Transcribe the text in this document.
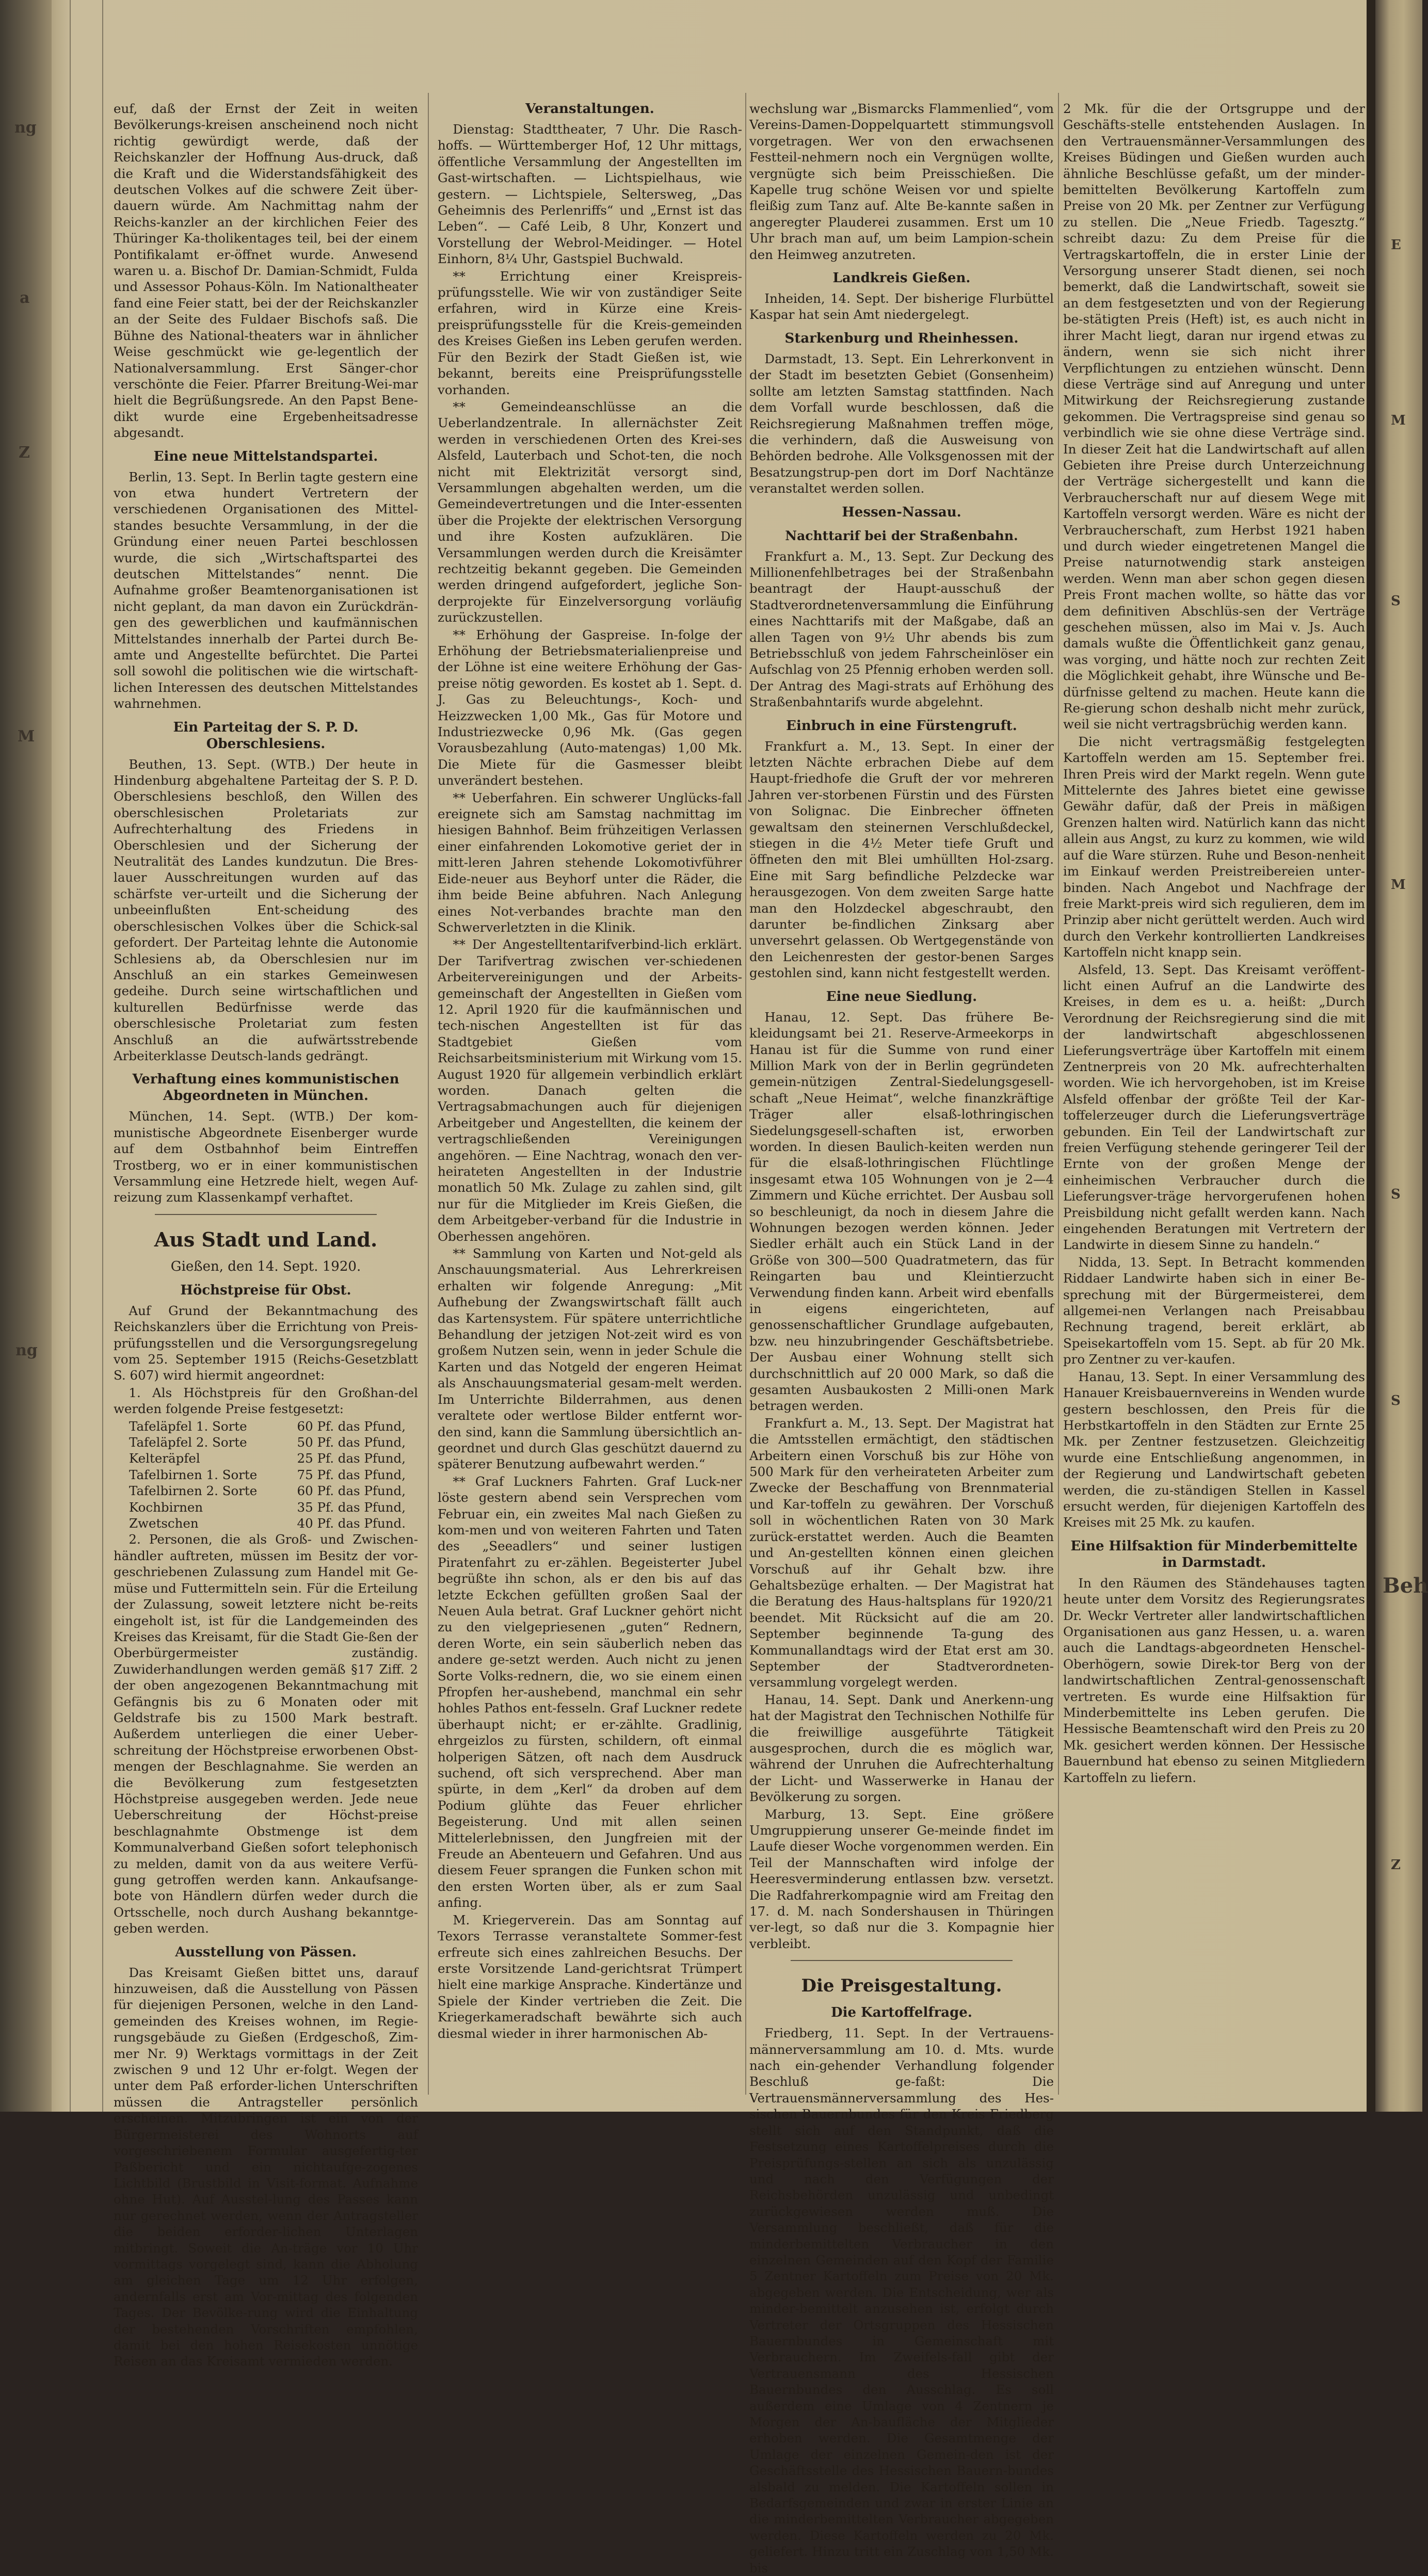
ng
a
Z
M
ng

euf, daß der Ernst der Zeit in weiten Bevölkerungs-kreisen anscheinend noch nicht richtig gewürdigt werde, daß der Reichskanzler der Hoffnung Aus-druck, daß die Kraft und die Widerstandsfähigkeit des deutschen Volkes auf die schwere Zeit über-dauern würde. Am Nachmittag nahm der Reichs-kanzler an der kirchlichen Feier des Thüringer Ka-tholikentages teil, bei der einem Pontifikalamt er-öffnet wurde. Anwesend waren u. a. Bischof Dr. Damian-Schmidt, Fulda und Assessor Pohaus-Köln. Im Nationaltheater fand eine Feier statt, bei der der Reichskanzler an der Seite des Fuldaer Bischofs saß. Die Bühne des National-theaters war in ähnlicher Weise geschmückt wie ge-legentlich der Nationalversammlung. Erst Sänger-chor verschönte die Feier. Pfarrer Breitung-Wei-mar hielt die Begrüßungsrede. An den Papst Bene-dikt wurde eine Ergebenheitsadresse abgesandt.

Eine neue Mittelstandspartei.

Berlin, 13. Sept. In Berlin tagte gestern eine von etwa hundert Vertretern der verschiedenen Organisationen des Mittel-standes besuchte Versammlung, in der die Gründung einer neuen Partei beschlossen wurde, die sich „Wirtschaftspartei des deutschen Mittelstandes“ nennt. Die Aufnahme großer Beamtenorganisationen ist nicht geplant, da man davon ein Zurückdrän-gen des gewerblichen und kaufmännischen Mittelstandes innerhalb der Partei durch Be-amte und Angestellte befürchtet. Die Partei soll sowohl die politischen wie die wirtschaft-lichen Interessen des deutschen Mittelstandes wahrnehmen.

Ein Parteitag der S. P. D. Oberschlesiens.

Beuthen, 13. Sept. (WTB.) Der heute in Hindenburg abgehaltene Parteitag der S. P. D. Oberschlesiens beschloß, den Willen des oberschlesischen Proletariats zur Aufrechterhaltung des Friedens in Oberschlesien und der Sicherung der Neutralität des Landes kundzutun. Die Bres-lauer Ausschreitungen wurden auf das schärfste ver-urteilt und die Sicherung der unbeeinflußten Ent-scheidung des oberschlesischen Volkes über die Schick-sal gefordert. Der Parteitag lehnte die Autonomie Schlesiens ab, da Oberschlesien nur im Anschluß an ein starkes Gemeinwesen gedeihe. Durch seine wirtschaftlichen und kulturellen Bedürfnisse werde das oberschlesische Proletariat zum festen Anschluß an die aufwärtsstrebende Arbeiterklasse Deutsch-lands gedrängt.

Verhaftung eines kommunistischen Abgeordneten in München.

München, 14. Sept. (WTB.) Der kom-munistische Abgeordnete Eisenberger wurde auf dem Ostbahnhof beim Eintreffen Trostberg, wo er in einer kommunistischen Versammlung eine Hetzrede hielt, wegen Auf-reizung zum Klassenkampf verhaftet.

Aus Stadt und Land.
Gießen, den 14. Sept. 1920.
Höchstpreise für Obst.

Auf Grund der Bekanntmachung des Reichskanzlers über die Errichtung von Preis-prüfungsstellen und die Versorgungsregelung vom 25. September 1915 (Reichs-Gesetzblatt S. 607) wird hiermit angeordnet:

1. Als Höchstpreis für den Großhan-del werden folgende Preise festgesetzt:

Tafeläpfel 1. Sorte	60 Pf. das Pfund,
Tafeläpfel 2. Sorte	50 Pf. das Pfund,
Kelteräpfel	25 Pf. das Pfund,
Tafelbirnen 1. Sorte	75 Pf. das Pfund,
Tafelbirnen 2. Sorte	60 Pf. das Pfund,
Kochbirnen	35 Pf. das Pfund,
Zwetschen	40 Pf. das Pfund.

2. Personen, die als Groß- und Zwischen-händler auftreten, müssen im Besitz der vor-geschriebenen Zulassung zum Handel mit Ge-müse und Futtermitteln sein. Für die Erteilung der Zulassung, soweit letztere nicht be-reits eingeholt ist, ist für die Landgemeinden des Kreises das Kreisamt, für die Stadt Gie-ßen der Oberbürgermeister zuständig. Zuwiderhandlungen werden gemäß §17 Ziff. 2 der oben angezogenen Bekanntmachung mit Gefängnis bis zu 6 Monaten oder mit Geldstrafe bis zu 1500 Mark bestraft. Außerdem unterliegen die einer Ueber-schreitung der Höchstpreise erworbenen Obst-mengen der Beschlagnahme. Sie werden an die Bevölkerung zum festgesetzten Höchstpreise ausgegeben werden. Jede neue Ueberschreitung der Höchst-preise beschlagnahmte Obstmenge ist dem Kommunalverband Gießen sofort telephonisch zu melden, damit von da aus weitere Verfü-gung getroffen werden kann. Ankaufsange-bote von Händlern dürfen weder durch die Ortsschelle, noch durch Aushang bekanntge-geben werden.

Ausstellung von Pässen.

Das Kreisamt Gießen bittet uns, darauf hinzuweisen, daß die Ausstellung von Pässen für diejenigen Personen, welche in den Land-gemeinden des Kreises wohnen, im Regie-rungsgebäude zu Gießen (Erdgeschoß, Zim-mer Nr. 9) Werktags vormittags in der Zeit zwischen 9 und 12 Uhr er-folgt. Wegen der unter dem Paß erforder-lichen Unterschriften müssen die Antragsteller persönlich erscheinen. Mitzubringen ist ein von der Bürgermeisterei des Wohnorts auf vorgeschriebenem Formular ausgefertig-ter Paßbericht und ein nichtaufge-zogenes Lichtbild (Brustbild in Visit-format. Aufnahme ohne Hut). Auf Ausstel-lung des Passes kann nur gerechnet werden, wenn der Antragsteller die beiden erforder-lichen Unterlagen mitbringt. Soweit die An-träge vor 10 Uhr vormittags vorgelegt sind, kann die Abholung am gleichen Tage um 12 Uhr erfolgen, andernfalls erst am Vor-mittag des folgenden Tages. Der Bevölke-rung wird die Einhaltung der bestehenden Vorschriften empfohlen, damit bei den hohen Reisekosten unnötige Reisen an das Kreisamt vermieden werden.

Veranstaltungen.

Dienstag: Stadttheater, 7 Uhr. Die Rasch-hoffs. — Württemberger Hof, 12 Uhr mittags, öffentliche Versammlung der Angestellten im Gast-wirtschaften. — Lichtspielhaus, wie gestern. — Lichtspiele, Seltersweg, „Das Geheimnis des Perlenriffs“ und „Ernst ist das Leben“. — Café Leib, 8 Uhr, Konzert und Vorstellung der Webrol-Meidinger. — Hotel Einhorn, 8¼ Uhr, Gastspiel Buchwald.

** Errichtung einer Kreispreis-prüfungsstelle. Wie wir von zuständiger Seite erfahren, wird in Kürze eine Kreis-preisprüfungsstelle für die Kreis-gemeinden des Kreises Gießen ins Leben gerufen werden. Für den Bezirk der Stadt Gießen ist, wie bekannt, bereits eine Preisprüfungsstelle vorhanden.

** Gemeindeanschlüsse an die Ueberlandzentrale. In allernächster Zeit werden in verschiedenen Orten des Krei-ses Alsfeld, Lauterbach und Schot-ten, die noch nicht mit Elektrizität versorgt sind, Versammlungen abgehalten werden, um die Gemeindevertretungen und die Inter-essenten über die Projekte der elektrischen Versorgung und ihre Kosten aufzuklären. Die Versammlungen werden durch die Kreisämter rechtzeitig bekannt gegeben. Die Gemeinden werden dringend aufgefordert, jegliche Son-derprojekte für Einzelversorgung vorläufig zurückzustellen.

** Erhöhung der Gaspreise. In-folge der Erhöhung der Betriebsmaterialienpreise und der Löhne ist eine weitere Erhöhung der Gas-preise nötig geworden. Es kostet ab 1. Sept. d. J. Gas zu Beleuchtungs-, Koch- und Heizzwecken 1,00 Mk., Gas für Motore und Industriezwecke 0,96 Mk. (Gas gegen Vorausbezahlung (Auto-matengas) 1,00 Mk. Die Miete für die Gasmesser bleibt unverändert bestehen.

** Ueberfahren. Ein schwerer Unglücks-fall ereignete sich am Samstag nachmittag im hiesigen Bahnhof. Beim frühzeitigen Verlassen einer einfahrenden Lokomotive geriet der in mitt-leren Jahren stehende Lokomotivführer Eide-neuer aus Beyhorf unter die Räder, die ihm beide Beine abfuhren. Nach Anlegung eines Not-verbandes brachte man den Schwerverletzten in die Klinik.

** Der Angestelltentarifverbind-lich erklärt. Der Tarifvertrag zwischen ver-schiedenen Arbeitervereinigungen und der Arbeits-gemeinschaft der Angestellten in Gießen vom 12. April 1920 für die kaufmännischen und tech-nischen Angestellten ist für das Stadtgebiet Gießen vom Reichsarbeitsministerium mit Wirkung vom 15. August 1920 für allgemein verbindlich erklärt worden. Danach gelten die Vertragsabmachungen auch für diejenigen Arbeitgeber und Angestellten, die keinem der vertragschließenden Vereinigungen angehören. — Eine Nachtrag, wonach den ver-heirateten Angestellten in der Industrie monatlich 50 Mk. Zulage zu zahlen sind, gilt nur für die Mitglieder im Kreis Gießen, die dem Arbeitgeber-verband für die Industrie in Oberhessen angehören.

** Sammlung von Karten und Not-geld als Anschauungsmaterial. Aus Lehrerkreisen erhalten wir folgende Anregung: „Mit Aufhebung der Zwangswirtschaft fällt auch das Kartensystem. Für spätere unterrichtliche Behandlung der jetzigen Not-zeit wird es von großem Nutzen sein, wenn in jeder Schule die Karten und das Notgeld der engeren Heimat als Anschauungsmaterial gesam-melt werden. Im Unterrichte Bilderrahmen, aus denen veraltete oder wertlose Bilder entfernt wor-den sind, kann die Sammlung übersichtlich an-geordnet und durch Glas geschützt dauernd zu späterer Benutzung aufbewahrt werden.“

** Graf Luckners Fahrten. Graf Luck-ner löste gestern abend sein Versprechen vom Februar ein, ein zweites Mal nach Gießen zu kom-men und von weiteren Fahrten und Taten des „Seeadlers“ und seiner lustigen Piratenfahrt zu er-zählen. Begeisterter Jubel begrüßte ihn schon, als er den bis auf das letzte Eckchen gefüllten großen Saal der Neuen Aula betrat. Graf Luckner gehört nicht zu den vielgepriesenen „guten“ Rednern, deren Worte, ein sein säuberlich neben das andere ge-setzt werden. Auch nicht zu jenen Sorte Volks-rednern, die, wo sie einem einen Pfropfen her-aushebend, manchmal ein sehr hohles Pathos ent-fesseln. Graf Luckner redete überhaupt nicht; er er-zählte. Gradlinig, ehrgeizlos zu fürsten, schildern, oft einmal holperigen Sätzen, oft nach dem Ausdruck suchend, oft sich versprechend. Aber man spürte, in dem „Kerl“ da droben auf dem Podium glühte das Feuer ehrlicher Begeisterung. Und mit allen seinen Mittelerlebnissen, den Jungfreien mit der Freude an Abenteuern und Gefahren. Und aus diesem Feuer sprangen die Funken schon mit den ersten Worten über, als er zum Saal anfing.

M. Kriegerverein. Das am Sonntag auf Texors Terrasse veranstaltete Sommer-fest erfreute sich eines zahlreichen Besuchs. Der erste Vorsitzende Land-gerichtsrat Trümpert hielt eine markige Ansprache. Kindertänze und Spiele der Kinder vertrieben die Zeit. Die Kriegerkameradschaft bewährte sich auch diesmal wieder in ihrer harmonischen Ab-

wechslung war „Bismarcks Flammenlied“, vom Vereins-Damen-Doppelquartett stimmungsvoll vorgetragen. Wer von den erwachsenen Festteil-nehmern noch ein Vergnügen wollte, vergnügte sich beim Preisschießen. Die Kapelle trug schöne Weisen vor und spielte fleißig zum Tanz auf. Alte Be-kannte saßen in angeregter Plauderei zusammen. Erst um 10 Uhr brach man auf, um beim Lampion-schein den Heimweg anzutreten.

Landkreis Gießen.

Inheiden, 14. Sept. Der bisherige Flurbüttel Kaspar hat sein Amt niedergelegt.

Starkenburg und Rheinhessen.

Darmstadt, 13. Sept. Ein Lehrerkonvent in der Stadt im besetzten Gebiet (Gonsenheim) sollte am letzten Samstag stattfinden. Nach dem Vorfall wurde beschlossen, daß die Reichsregierung Maßnahmen treffen möge, die verhindern, daß die Ausweisung von Behörden bedrohe. Alle Volksgenossen mit der Besatzungstrup-pen dort im Dorf Nachtänze veranstaltet werden sollen.

Hessen-Nassau.
Nachttarif bei der Straßenbahn.

Frankfurt a. M., 13. Sept. Zur Deckung des Millionenfehlbetrages bei der Straßenbahn beantragt der Haupt-ausschuß der Stadtverordnetenversammlung die Einführung eines Nachttarifs mit der Maßgabe, daß an allen Tagen von 9½ Uhr abends bis zum Betriebsschluß von jedem Fahrscheinlöser ein Aufschlag von 25 Pfennig erhoben werden soll. Der Antrag des Magi-strats auf Erhöhung des Straßenbahntarifs wurde abgelehnt.

Einbruch in eine Fürstengruft.

Frankfurt a. M., 13. Sept. In einer der letzten Nächte erbrachen Diebe auf dem Haupt-friedhofe die Gruft der vor mehreren Jahren ver-storbenen Fürstin und des Fürsten von Solignac. Die Einbrecher öffneten gewaltsam den steinernen Verschlußdeckel, stiegen in die 4½ Meter tiefe Gruft und öffneten den mit Blei umhüllten Hol-zsarg. Eine mit Sarg befindliche Pelzdecke war herausgezogen. Von dem zweiten Sarge hatte man den Holzdeckel abgeschraubt, den darunter be-findlichen Zinksarg aber unversehrt gelassen. Ob Wertgegenstände von den Leichenresten der gestor-benen Sarges gestohlen sind, kann nicht festgestellt werden.

Eine neue Siedlung.

Hanau, 12. Sept. Das frühere Be-kleidungsamt bei 21. Reserve-Armeekorps in Hanau ist für die Summe von rund einer Million Mark von der in Berlin gegründeten gemein-nützigen Zentral-Siedelungsgesell-schaft „Neue Heimat“, welche finanzkräftige Träger aller elsaß-lothringischen Siedelungsgesell-schaften ist, erworben worden. In diesen Baulich-keiten werden nun für die elsaß-lothringischen Flüchtlinge insgesamt etwa 105 Wohnungen von je 2—4 Zimmern und Küche errichtet. Der Ausbau soll so beschleunigt, da noch in diesem Jahre die Wohnungen bezogen werden können. Jeder Siedler erhält auch ein Stück Land in der Größe von 300—500 Quadratmetern, das für Reingarten bau und Kleintierzucht Verwendung finden kann. Arbeit wird ebenfalls in eigens eingerichteten, auf genossenschaftlicher Grundlage aufgebauten, bzw. neu hinzubringender Geschäftsbetriebe. Der Ausbau einer Wohnung stellt sich durchschnittlich auf 20 000 Mark, so daß die gesamten Ausbaukosten 2 Milli-onen Mark betragen werden.

Frankfurt a. M., 13. Sept. Der Magistrat hat die Amtsstellen ermächtigt, den städtischen Arbeitern einen Vorschuß bis zur Höhe von 500 Mark für den verheirateten Arbeiter zum Zwecke der Beschaffung von Brennmaterial und Kar-toffeln zu gewähren. Der Vorschuß soll in wöchentlichen Raten von 30 Mark zurück-erstattet werden. Auch die Beamten und An-gestellten können einen gleichen Vorschuß auf ihr Gehalt bzw. ihre Gehaltsbezüge erhalten. — Der Magistrat hat die Beratung des Haus-haltsplans für 1920/21 beendet. Mit Rücksicht auf die am 20. September beginnende Ta-gung des Kommunallandtags wird der Etat erst am 30. September der Stadtverordneten-versammlung vorgelegt werden.

Hanau, 14. Sept. Dank und Anerkenn-ung hat der Magistrat den Technischen Nothilfe für die freiwillige ausgeführte Tätigkeit ausgesprochen, durch die es möglich war, während der Unruhen die Aufrechterhaltung der Licht- und Wasserwerke in Hanau der Bevölkerung zu sorgen.

Marburg, 13. Sept. Eine größere Umgruppierung unserer Ge-meinde findet im Laufe dieser Woche vorgenommen werden. Ein Teil der Mannschaften wird infolge der Heeresverminderung entlassen bzw. versetzt. Die Radfahrerkompagnie wird am Freitag den 17. d. M. nach Sondershausen in Thüringen ver-legt, so daß nur die 3. Kompagnie hier verbleibt.

Die Preisgestaltung.
Die Kartoffelfrage.

Friedberg, 11. Sept. In der Vertrauens-männerversammlung am 10. d. Mts. wurde nach ein-gehender Verhandlung folgender Beschluß ge-faßt: Die Vertrauensmännerversammlung des Hes-sischen Bauernbundes für den Kreis Friedberg stellt sich auf den Standpunkt, daß die Festsetzung eines Kartoffelpreises durch die Preisprüfungs-stellen an sich als unzulässig und nach den Verfügungen der Reichsbehörden unzulässig und unbedingt zurückgewiesen werden muß. Die Versammlung beschließt, daß für die minderbemittelten Verbraucher in den einzelnen Gemeinden auf den Kopf der Familie 5 Zentner Kartoffeln zum Preise von 20 Mk. abgegeben werden. Die Entscheidung, wer als minder-bemittelt anzusehen ist, erfolgt durch Vertreter der Ortsgruppen des Hessischen Bauernbundes in Gemeinschaft mit Verbrauchern. Im Zweifels-fall gibt der Vertrauensmann des Hessischen Bauernbundes den Ausschlag. Es soll außerdem eine Umlage von 4 Zentnern je Morgen der An-baufläche der Mitglieder erhoben werden. Die Gesamtmenge der Umlage der einzelnen Gemein-den ist der Geschäftsstelle des Hessischen Bauern-bundes alsbald zu melden. Die Kartoffeln sollen in Bedarfsgemeinden und zwar in erster Linie an die minderbemittelten Verbraucher abgegeben werden. Diese Kartoffeln werden zu 20 Mk. geliefert. Hinzu tritt ein Zuschlag von 1,50 Mk. bis

2 Mk. für die der Ortsgruppe und der Geschäfts-stelle entstehenden Auslagen. In den Vertrauensmänner-Versammlungen des Kreises Büdingen und Gießen wurden auch ähnliche Beschlüsse gefaßt, um der minder-bemittelten Bevölkerung Kartoffeln zum Preise von 20 Mk. per Zentner zur Verfügung zu stellen. Die „Neue Friedb. Tagesztg.“ schreibt dazu: Zu dem Preise für die Vertragskartoffeln, die in erster Linie der Versorgung unserer Stadt dienen, sei noch bemerkt, daß die Landwirtschaft, soweit sie an dem festgesetzten und von der Regierung be-stätigten Preis (Heft) ist, es auch nicht in ihrer Macht liegt, daran nur irgend etwas zu ändern, wenn sie sich nicht ihrer Verpflichtungen zu entziehen wünscht. Denn diese Verträge sind auf Anregung und unter Mitwirkung der Reichsregierung zustande gekommen. Die Vertragspreise sind genau so verbindlich wie sie ohne diese Verträge sind. In dieser Zeit hat die Landwirtschaft auf allen Gebieten ihre Preise durch Unterzeichnung der Verträge sichergestellt und kann die Verbraucherschaft nur auf diesem Wege mit Kartoffeln versorgt werden. Wäre es nicht der Verbraucherschaft, zum Herbst 1921 haben und durch wieder eingetretenen Mangel die Preise naturnotwendig stark ansteigen werden. Wenn man aber schon gegen diesen Preis Front machen wollte, so hätte das vor dem definitiven Abschlüs-sen der Verträge geschehen müssen, also im Mai v. Js. Auch damals wußte die Öffentlichkeit ganz genau, was vorging, und hätte noch zur rechten Zeit die Möglichkeit gehabt, ihre Wünsche und Be-dürfnisse geltend zu machen. Heute kann die Re-gierung schon deshalb nicht mehr zurück, weil sie nicht vertragsbrüchig werden kann.

Die nicht vertragsmäßig festgelegten Kartoffeln werden am 15. September frei. Ihren Preis wird der Markt regeln. Wenn gute Mittelernte des Jahres bietet eine gewisse Gewähr dafür, daß der Preis in mäßigen Grenzen halten wird. Natürlich kann das nicht allein aus Angst, zu kurz zu kommen, wie wild auf die Ware stürzen. Ruhe und Beson-nenheit im Einkauf werden Preistreibereien unter-binden. Nach Angebot und Nachfrage der freie Markt-preis wird sich regulieren, dem im Prinzip aber nicht gerüttelt werden. Auch wird durch den Verkehr kontrollierten Landkreises Kartoffeln nicht knapp sein.

Alsfeld, 13. Sept. Das Kreisamt veröffent-licht einen Aufruf an die Landwirte des Kreises, in dem es u. a. heißt: „Durch Verordnung der Reichsregierung sind die mit der landwirtschaft abgeschlossenen Lieferungsverträge über Kartoffeln mit einem Zentnerpreis von 20 Mk. aufrechterhalten worden. Wie ich hervorgehoben, ist im Kreise Alsfeld offenbar der größte Teil der Kar-toffelerzeuger durch die Lieferungsverträge gebunden. Ein Teil der Landwirtschaft zur freien Verfügung stehende geringerer Teil der Ernte von der großen Menge der einheimischen Verbraucher durch die Lieferungsver-träge hervorgerufenen hohen Preisbildung nicht gefallt werden kann. Nach eingehenden Beratungen mit Vertretern der Landwirte in diesem Sinne zu handeln.“

Nidda, 13. Sept. In Betracht kommenden Riddaer Landwirte haben sich in einer Be-sprechung mit der Bürgermeisterei, dem allgemei-nen Verlangen nach Preisabbau Rechnung tragend, bereit erklärt, ab Speisekartoffeln vom 15. Sept. ab für 20 Mk. pro Zentner zu ver-kaufen.

Hanau, 13. Sept. In einer Versammlung des Hanauer Kreisbauernvereins in Wenden wurde gestern beschlossen, den Preis für die Herbstkartoffeln in den Städten zur Ernte 25 Mk. per Zentner festzusetzen. Gleichzeitig wurde eine Entschließung angenommen, in der Regierung und Landwirtschaft gebeten werden, die zu-ständigen Stellen in Kassel ersucht werden, für diejenigen Kartoffeln des Kreises mit 25 Mk. zu kaufen.

Eine Hilfsaktion für Minderbemittelte in Darmstadt.

In den Räumen des Ständehauses tagten heute unter dem Vorsitz des Regierungsrates Dr. Weckr Vertreter aller landwirtschaftlichen Organisationen aus ganz Hessen, u. a. waren auch die Landtags-abgeordneten Henschel-Oberhögern, sowie Direk-tor Berg von der landwirtschaftlichen Zentral-genossenschaft vertreten. Es wurde eine Hilfsaktion für Minderbemittelte ins Leben gerufen. Die Hessische Beamtenschaft wird den Preis zu 20 Mk. gesichert werden können. Der Hessische Bauernbund hat ebenso zu seinen Mitgliedern Kartoffeln zu liefern.

E
M
S
M
S
S
Beh
Z
